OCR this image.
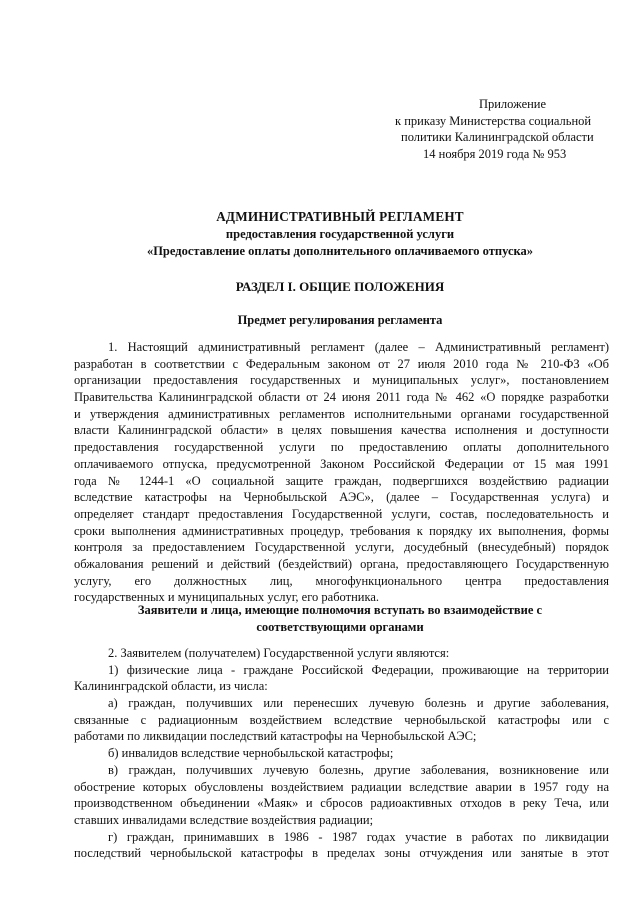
Приложение
к приказу Министерства социальной
политики Калининградской области
14 ноября 2019 года № 953
АДМИНИСТРАТИВНЫЙ РЕГЛАМЕНТ
предоставления государственной услуги
«Предоставление оплаты дополнительного оплачиваемого отпуска»
РАЗДЕЛ I. ОБЩИЕ ПОЛОЖЕНИЯ
Предмет регулирования регламента
1. Настоящий административный регламент (далее – Административный регламент)
разработан в соответствии с Федеральным законом от 27 июля 2010 года № 210-ФЗ «Об
организации предоставления государственных и муниципальных услуг», постановлением
Правительства Калининградской области от 24 июня 2011 года № 462 «О порядке разработки
и утверждения административных регламентов исполнительными органами государственной
власти Калининградской области» в целях повышения качества исполнения и доступности
предоставления государственной услуги по предоставлению оплаты дополнительного
оплачиваемого отпуска, предусмотренной Законом Российской Федерации от 15 мая 1991
года № 1244-1 «О социальной защите граждан, подвергшихся воздействию радиации
вследствие катастрофы на Чернобыльской АЭС», (далее – Государственная услуга) и
определяет стандарт предоставления Государственной услуги, состав, последовательность и
сроки выполнения административных процедур, требования к порядку их выполнения, формы
контроля за предоставлением Государственной услуги, досудебный (внесудебный) порядок
обжалования решений и действий (бездействий) органа, предоставляющего Государственную
услугу, его должностных лиц, многофункционального центра предоставления
государственных и муниципальных услуг, его работника.
Заявители и лица, имеющие полномочия вступать во взаимодействие с
соответствующими органами
2. Заявителем (получателем) Государственной услуги являются:
1) физические лица - граждане Российской Федерации, проживающие на территории
Калининградской области, из числа:
а) граждан, получивших или перенесших лучевую болезнь и другие заболевания,
связанные с радиационным воздействием вследствие чернобыльской катастрофы или с
работами по ликвидации последствий катастрофы на Чернобыльской АЭС;
б) инвалидов вследствие чернобыльской катастрофы;
в) граждан, получивших лучевую болезнь, другие заболевания, возникновение или
обострение которых обусловлены воздействием радиации вследствие аварии в 1957 году на
производственном объединении «Маяк» и сбросов радиоактивных отходов в реку Теча, или
ставших инвалидами вследствие воздействия радиации;
г) граждан, принимавших в 1986 - 1987 годах участие в работах по ликвидации
последствий чернобыльской катастрофы в пределах зоны отчуждения или занятые в этот
